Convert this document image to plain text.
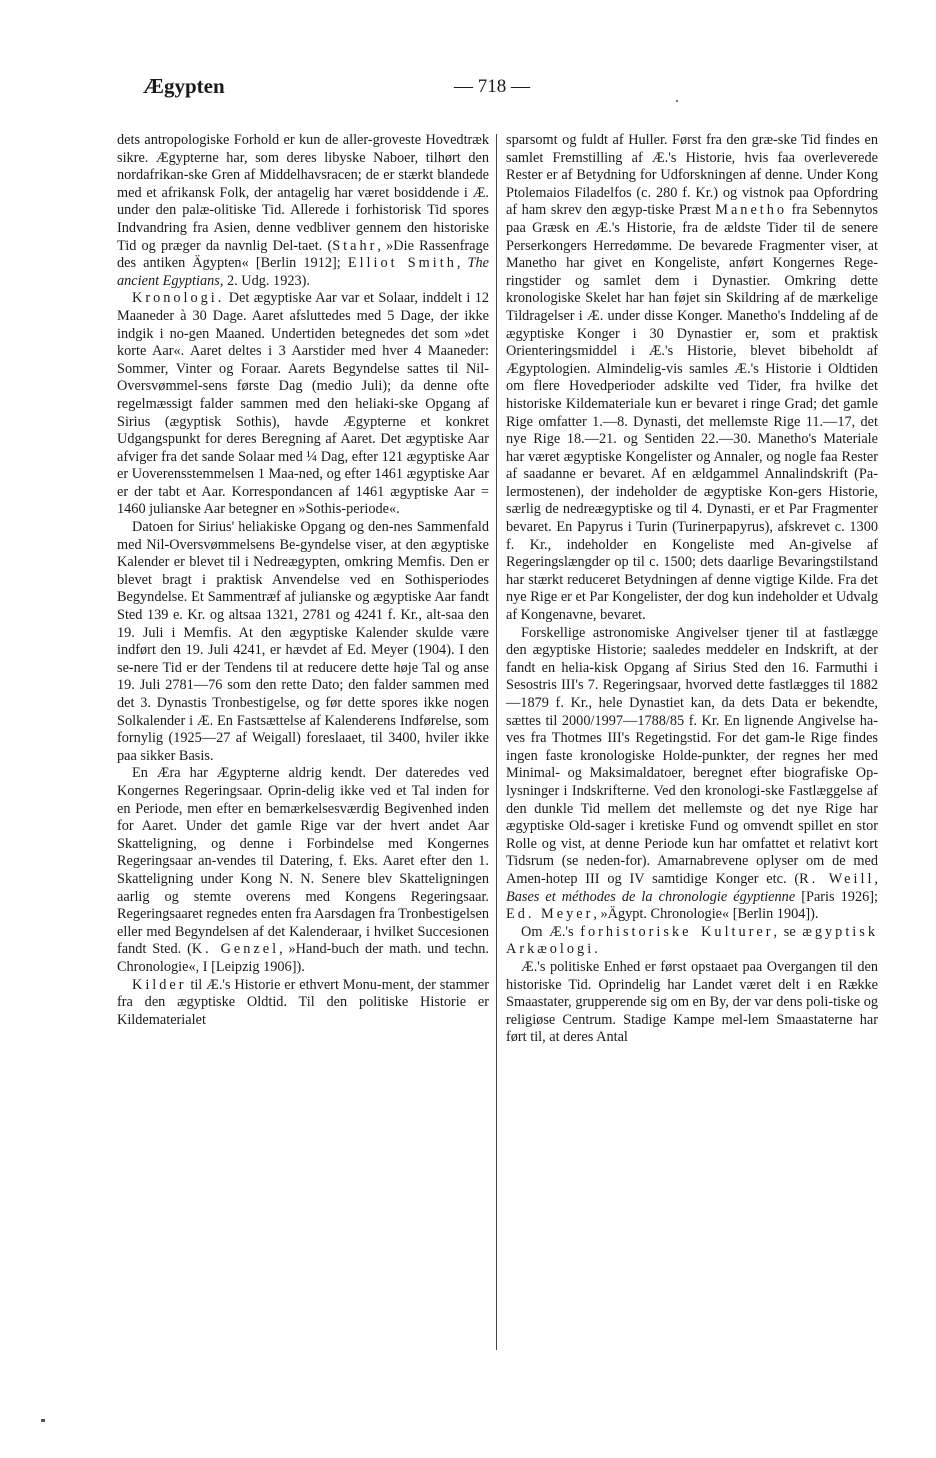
Ægypten	— 718 —

dets antropologiske Forhold er kun de aller-groveste Hovedtræk sikre. Ægypterne har, som deres libyske Naboer, tilhørt den nordafrikan-ske Gren af Middelhavsracen; de er stærkt blandede med et afrikansk Folk, der antagelig har været bosiddende i Æ. under den palæ-olitiske Tid. Allerede i forhistorisk Tid spores Indvandring fra Asien, denne vedbliver gennem den historiske Tid og præger da navnlig Del-taet. (Stahr, »Die Rassenfrage des antiken Ägypten« [Berlin 1912]; Elliot Smith, The ancient Egyptians, 2. Udg. 1923).

Kronologi. Det ægyptiske Aar var et Solaar, inddelt i 12 Maaneder à 30 Dage. Aaret afsluttedes med 5 Dage, der ikke indgik i no-gen Maaned. Undertiden betegnedes det som »det korte Aar«. Aaret deltes i 3 Aarstider med hver 4 Maaneder: Sommer, Vinter og Foraar. Aarets Begyndelse sattes til Nil-Oversvømmel-sens første Dag (medio Juli); da denne ofte regelmæssigt falder sammen med den heliaki-ske Opgang af Sirius (ægyptisk Sothis), havde Ægypterne et konkret Udgangspunkt for deres Beregning af Aaret. Det ægyptiske Aar afviger fra det sande Solaar med ¼ Dag, efter 121 ægyptiske Aar er Uoverensstemmelsen 1 Maa-ned, og efter 1461 ægyptiske Aar er der tabt et Aar. Korrespondancen af 1461 ægyptiske Aar = 1460 julianske Aar betegner en »Sothis-periode«.

Datoen for Sirius' heliakiske Opgang og den-nes Sammenfald med Nil-Oversvømmelsens Be-gyndelse viser, at den ægyptiske Kalender er blevet til i Nedreægypten, omkring Memfis. Den er blevet bragt i praktisk Anvendelse ved en Sothisperiodes Begyndelse. Et Sammentræf af julianske og ægyptiske Aar fandt Sted 139 e. Kr. og altsaa 1321, 2781 og 4241 f. Kr., alt-saa den 19. Juli i Memfis. At den ægyptiske Kalender skulde være indført den 19. Juli 4241, er hævdet af Ed. Meyer (1904). I den se-nere Tid er der Tendens til at reducere dette høje Tal og anse 19. Juli 2781—76 som den rette Dato; den falder sammen med det 3. Dynastis Tronbestigelse, og før dette spores ikke nogen Solkalender i Æ. En Fastsættelse af Kalenderens Indførelse, som fornylig (1925—27 af Weigall) foreslaaet, til 3400, hviler ikke paa sikker Basis.

En Æra har Ægypterne aldrig kendt. Der dateredes ved Kongernes Regeringsaar. Oprin-delig ikke ved et Tal inden for en Periode, men efter en bemærkelsesværdig Begivenhed inden for Aaret. Under det gamle Rige var der hvert andet Aar Skatteligning, og denne i Forbindelse med Kongernes Regeringsaar an-vendes til Datering, f. Eks. Aaret efter den 1. Skatteligning under Kong N. N. Senere blev Skatteligningen aarlig og stemte overens med Kongens Regeringsaar. Regeringsaaret regnedes enten fra Aarsdagen fra Tronbestigelsen eller med Begyndelsen af det Kalenderaar, i hvilket Succesionen fandt Sted. (K. Genzel, »Hand-buch der math. und techn. Chronologie«, I [Leipzig 1906]).

Kilder til Æ.'s Historie er ethvert Monu-ment, der stammer fra den ægyptiske Oldtid. Til den politiske Historie er Kildematerialet

sparsomt og fuldt af Huller. Først fra den græ-ske Tid findes en samlet Fremstilling af Æ.'s Historie, hvis faa overleverede Rester er af Betydning for Udforskningen af denne. Under Kong Ptolemaios Filadelfos (c. 280 f. Kr.) og vistnok paa Opfordring af ham skrev den ægyp-tiske Præst Manetho fra Sebennytos paa Græsk en Æ.'s Historie, fra de ældste Tider til de senere Perserkongers Herredømme. De bevarede Fragmenter viser, at Manetho har givet en Kongeliste, anført Kongernes Rege-ringstider og samlet dem i Dynastier. Omkring dette kronologiske Skelet har han føjet sin Skildring af de mærkelige Tildragelser i Æ. under disse Konger. Manetho's Inddeling af de ægyptiske Konger i 30 Dynastier er, som et praktisk Orienteringsmiddel i Æ.'s Historie, blevet bibeholdt af Ægyptologien. Almindelig-vis samles Æ.'s Historie i Oldtiden om flere Hovedperioder adskilte ved Tider, fra hvilke det historiske Kildemateriale kun er bevaret i ringe Grad; det gamle Rige omfatter 1.—8. Dynasti, det mellemste Rige 11.—17, det nye Rige 18.—21. og Sentiden 22.—30. Manetho's Materiale har været ægyptiske Kongelister og Annaler, og nogle faa Rester af saadanne er bevaret. Af en ældgammel Annalindskrift (Pa-lermostenen), der indeholder de ægyptiske Kon-gers Historie, særlig de nedreægyptiske og til 4. Dynasti, er et Par Fragmenter bevaret. En Papyrus i Turin (Turinerpapyrus), afskrevet c. 1300 f. Kr., indeholder en Kongeliste med An-givelse af Regeringslængder op til c. 1500; dets daarlige Bevaringstilstand har stærkt reduceret Betydningen af denne vigtige Kilde. Fra det nye Rige er et Par Kongelister, der dog kun indeholder et Udvalg af Kongenavne, bevaret.

Forskellige astronomiske Angivelser tjener til at fastlægge den ægyptiske Historie; saaledes meddeler en Indskrift, at der fandt en helia-kisk Opgang af Sirius Sted den 16. Farmuthi i Sesostris III's 7. Regeringsaar, hvorved dette fastlægges til 1882—1879 f. Kr., hele Dynastiet kan, da dets Data er bekendte, sættes til 2000/1997—1788/85 f. Kr. En lignende Angivelse ha-ves fra Thotmes III's Regetingstid. For det gam-le Rige findes ingen faste kronologiske Holde-punkter, der regnes her med Minimal- og Maksimaldatoer, beregnet efter biografiske Op-lysninger i Indskrifterne. Ved den kronologi-ske Fastlæggelse af den dunkle Tid mellem det mellemste og det nye Rige har ægyptiske Old-sager i kretiske Fund og omvendt spillet en stor Rolle og vist, at denne Periode kun har omfattet et relativt kort Tidsrum (se neden-for). Amarnabrevene oplyser om de med Amen-hotep III og IV samtidige Konger etc. (R. Weill, Bases et méthodes de la chronologie égyptienne [Paris 1926]; Ed. Meyer, »Ägypt. Chronologie« [Berlin 1904]).

Om Æ.'s forhistoriske Kulturer, se ægyptisk Arkæologi.

Æ.'s politiske Enhed er først opstaaet paa Overgangen til den historiske Tid. Oprindelig har Landet været delt i en Række Smaastater, grupperende sig om en By, der var dens poli-tiske og religiøse Centrum. Stadige Kampe mel-lem Smaastaterne har ført til, at deres Antal
